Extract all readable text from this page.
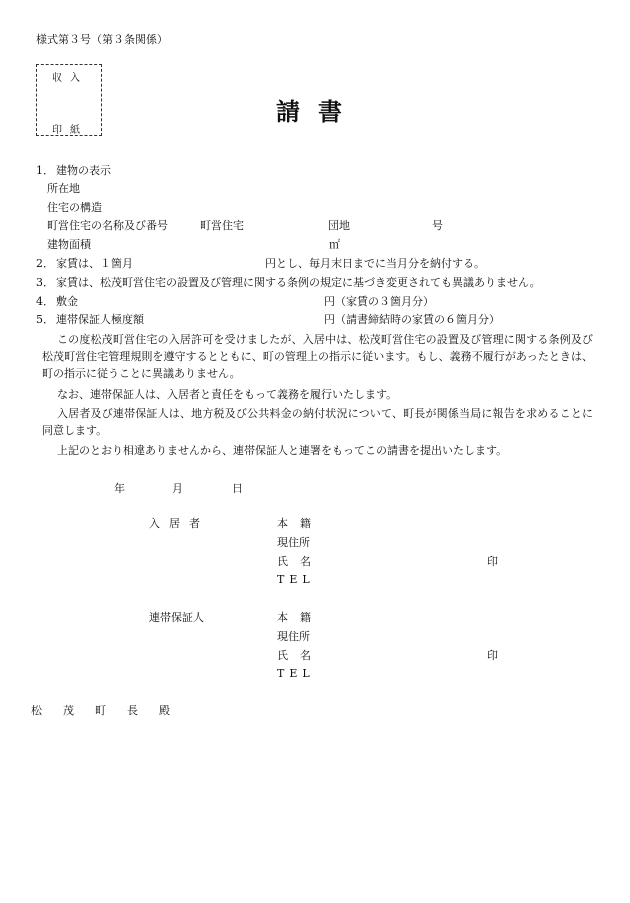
様式第３号（第３条関係）
収入
印紙
請書
1． 建物の表示
所在地
住宅の構造
町営住宅の名称及び番号	町営住宅	団地	号
建物面積	㎡
2． 家賃は、１箇月	円とし、毎月末日までに当月分を納付する。
3． 家賃は、松茂町営住宅の設置及び管理に関する条例の規定に基づき変更されても異議ありません。
4． 敷金	円（家賃の３箇月分）
5． 連帯保証人極度額	円（請書締結時の家賃の６箇月分）
この度松茂町営住宅の入居許可を受けましたが、入居中は、松茂町営住宅の設置及び管理に関する条例及び松茂町営住宅管理規則を遵守するとともに、町の管理上の指示に従います。もし、義務不履行があったときは、町の指示に従うことに異議ありません。
なお、連帯保証人は、入居者と責任をもって義務を履行いたします。
入居者及び連帯保証人は、地方税及び公共料金の納付状況について、町長が関係当局に報告を求めることに同意します。
上記のとおり相違ありませんから、連帯保証人と連署をもってこの請書を提出いたします。
年	月	日
入居者	本籍
現住所
氏名	印
TEL
連帯保証人	本籍
現住所
氏名	印
TEL
松茂町長殿
